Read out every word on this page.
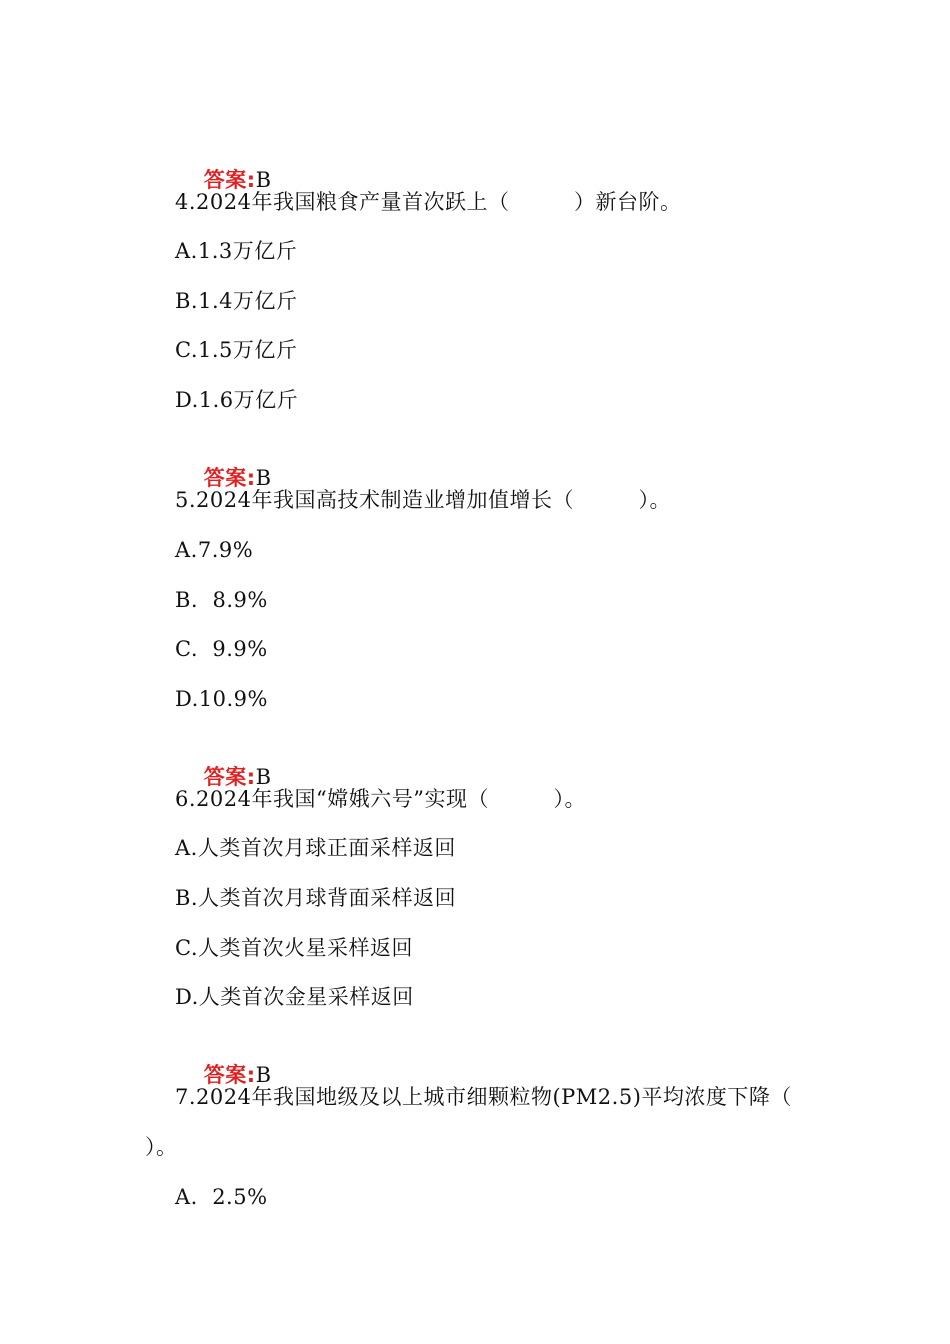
答案:B

4.2024年我国粮食产量首次跃上（　　　）新台阶。
A.1.3万亿斤
B.1.4万亿斤
C.1.5万亿斤
D.1.6万亿斤

答案:B

5.2024年我国高技术制造业增加值增长（　　　）。
A.7.9%
B.  8.9%
C.  9.9%
D.10.9%

答案:B

6.2024年我国“嫦娥六号”实现（　　　）。
A.人类首次月球正面采样返回
B.人类首次月球背面采样返回
C.人类首次火星采样返回
D.人类首次金星采样返回

答案:B

7.2024年我国地级及以上城市细颗粒物(PM2.5)平均浓度下降（
）。
A.  2.5%
